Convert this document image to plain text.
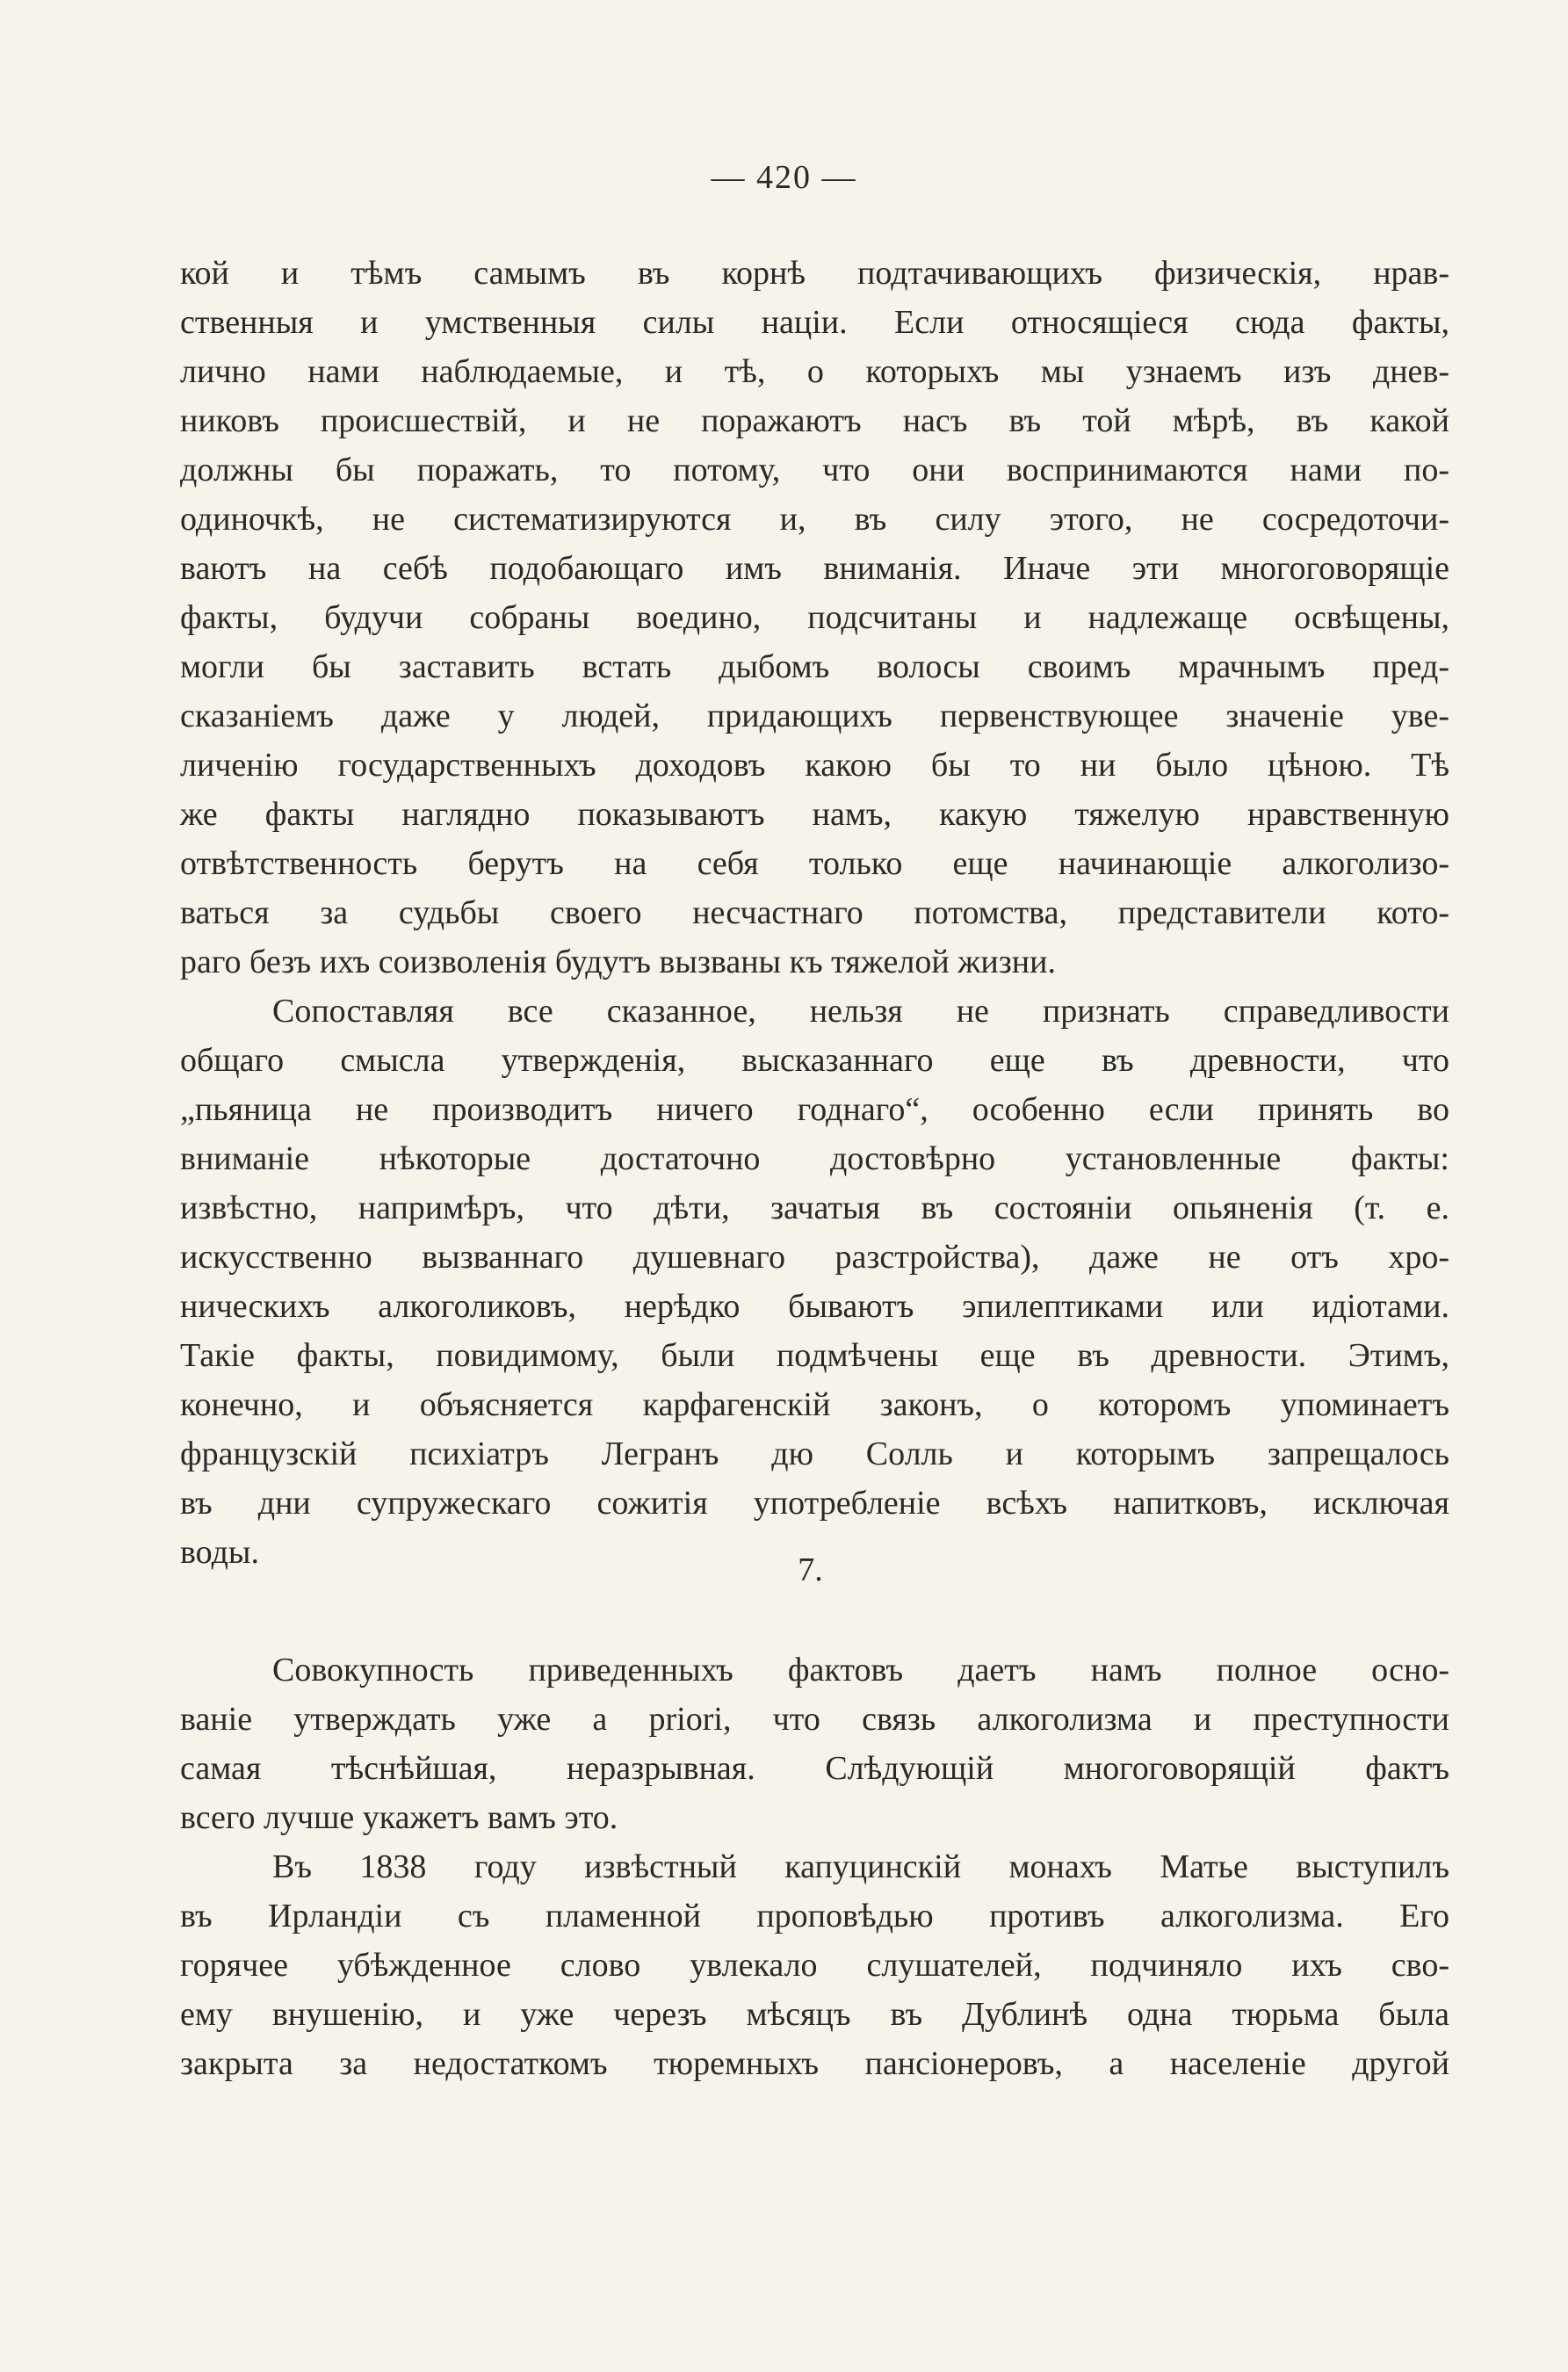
— 420 —
кой и тѣмъ самымъ въ корнѣ подтачивающихъ физическія, нрав-
ственныя и умственныя силы націи. Если относящіеся сюда факты,
лично нами наблюдаемые, и тѣ, о которыхъ мы узнаемъ изъ днев-
никовъ происшествій, и не поражаютъ насъ въ той мѣрѣ, въ какой
должны бы поражать, то потому, что они воспринимаются нами по-
одиночкѣ, не систематизируются и, въ силу этого, не сосредоточи-
ваютъ на себѣ подобающаго имъ вниманія. Иначе эти многоговорящіе
факты, будучи собраны воедино, подсчитаны и надлежаще освѣщены,
могли бы заставить встать дыбомъ волосы своимъ мрачнымъ пред-
сказаніемъ даже у людей, придающихъ первенствующее значеніе уве-
личенію государственныхъ доходовъ какою бы то ни было цѣною. Тѣ
же факты наглядно показываютъ намъ, какую тяжелую нравственную
отвѣтственность берутъ на себя только еще начинающіе алкоголизо-
ваться за судьбы своего несчастнаго потомства, представители кото-
раго безъ ихъ соизволенія будутъ вызваны къ тяжелой жизни.
Сопоставляя все сказанное, нельзя не признать справедливости
общаго смысла утвержденія, высказаннаго еще въ древности, что
„пьяница не производитъ ничего годнаго“, особенно если принять во
вниманіе нѣкоторые достаточно достовѣрно установленные факты:
извѣстно, напримѣръ, что дѣти, зачатыя въ состояніи опьяненія (т. е.
искусственно вызваннаго душевнаго разстройства), даже не отъ хро-
ническихъ алкоголиковъ, нерѣдко бываютъ эпилептиками или идіотами.
Такіе факты, повидимому, были подмѣчены еще въ древности. Этимъ,
конечно, и объясняется карфагенскій законъ, о которомъ упоминаетъ
французскій психіатръ Легранъ дю Солль и которымъ запрещалось
въ дни супружескаго сожитія употребленіе всѣхъ напитковъ, исключая
воды.	7.
Совокупность приведенныхъ фактовъ даетъ намъ полное осно-
ваніе утверждать уже a priori, что связь алкоголизма и преступности
самая тѣснѣйшая, неразрывная. Слѣдующій многоговорящій фактъ
всего лучше укажетъ вамъ это.
Въ 1838 году извѣстный капуцинскій монахъ Матье выступилъ
въ Ирландіи съ пламенной проповѣдью противъ алкоголизма. Его
горячее убѣжденное слово увлекало слушателей, подчиняло ихъ сво-
ему внушенію, и уже черезъ мѣсяцъ въ Дублинѣ одна тюрьма была
закрыта за недостаткомъ тюремныхъ пансіонеровъ, а населеніе другой
